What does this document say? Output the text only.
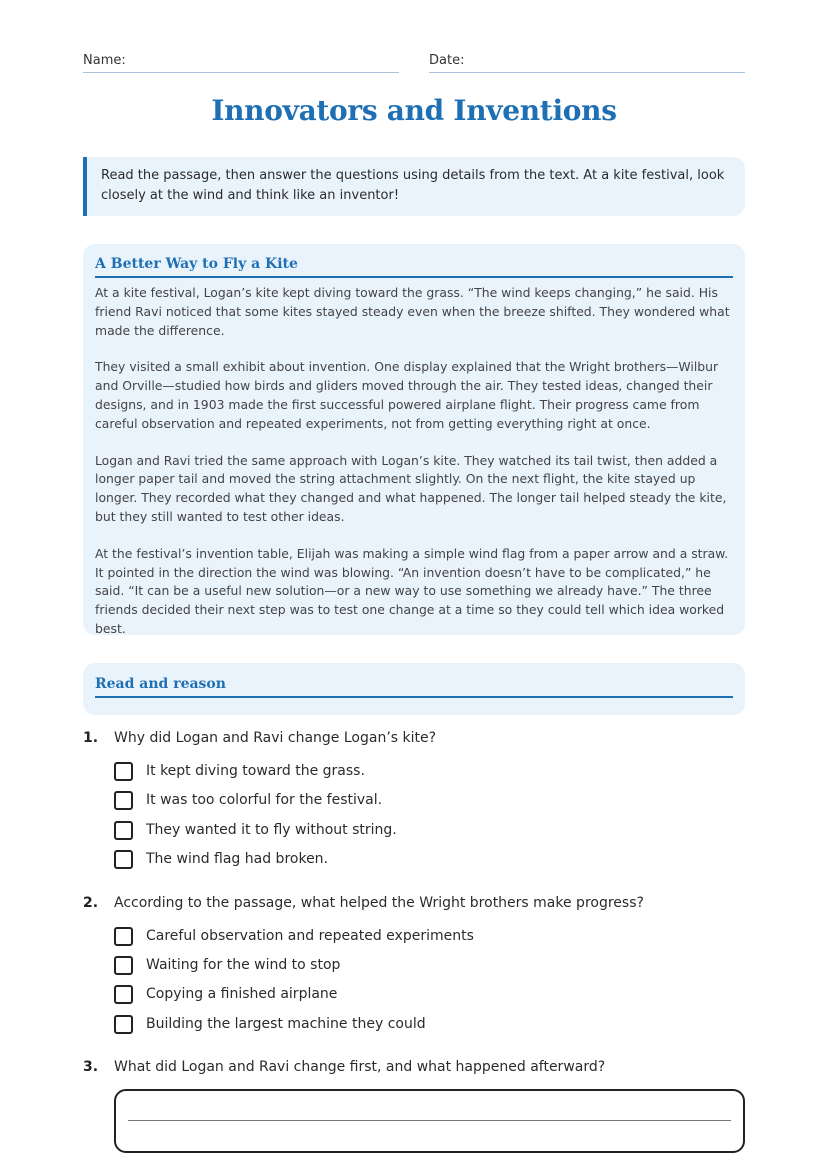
Name:	Date:
Innovators and Inventions
Read the passage, then answer the questions using details from the text. At a kite festival, look closely at the wind and think like an inventor!
A Better Way to Fly a Kite

At a kite festival, Logan’s kite kept diving toward the grass. “The wind keeps changing,” he said. His friend Ravi noticed that some kites stayed steady even when the breeze shifted. They wondered what made the difference.

They visited a small exhibit about invention. One display explained that the Wright brothers—Wilbur and Orville—studied how birds and gliders moved through the air. They tested ideas, changed their designs, and in 1903 made the first successful powered airplane flight. Their progress came from careful observation and repeated experiments, not from getting everything right at once.

Logan and Ravi tried the same approach with Logan’s kite. They watched its tail twist, then added a longer paper tail and moved the string attachment slightly. On the next flight, the kite stayed up longer. They recorded what they changed and what happened. The longer tail helped steady the kite, but they still wanted to test other ideas.

At the festival’s invention table, Elijah was making a simple wind flag from a paper arrow and a straw. It pointed in the direction the wind was blowing. “An invention doesn’t have to be complicated,” he said. “It can be a useful new solution—or a new way to use something we already have.” The three friends decided their next step was to test one change at a time so they could tell which idea worked best.

Read and reason
1. Why did Logan and Ravi change Logan’s kite?
It kept diving toward the grass.
It was too colorful for the festival.
They wanted it to fly without string.
The wind flag had broken.
2. According to the passage, what helped the Wright brothers make progress?
Careful observation and repeated experiments
Waiting for the wind to stop
Copying a finished airplane
Building the largest machine they could
3. What did Logan and Ravi change first, and what happened afterward?
